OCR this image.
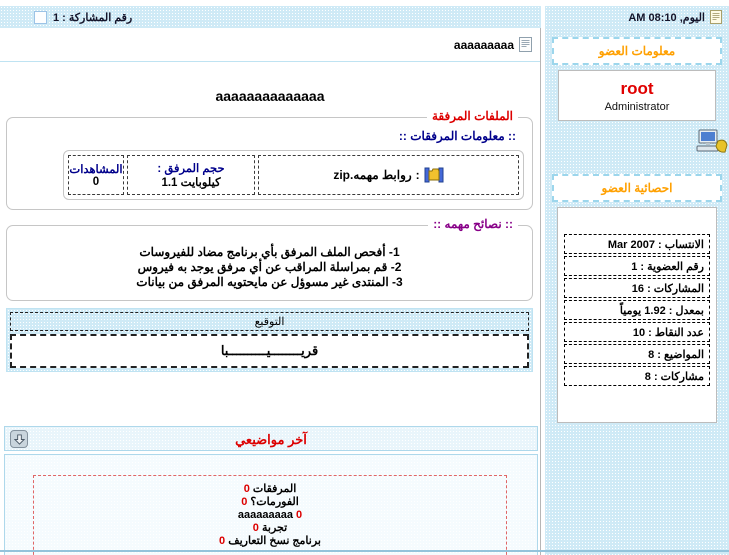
اليوم, AM 08:10
رقم المشاركة : 1
معلومات العضو
root
Administrator
احصائية العضو
الانتساب : Mar 2007
رقم العضوية : 1
المشاركات : 16
بمعدل : 1.92 يومياً
عدد النقاط : 10
المواضيع : 8
مشاركات : 8
aaaaaaaaa
aaaaaaaaaaaaaa
الملفات المرفقة
:: معلومات المرفقات ::
:
روابط مهمه.zip
حجم المرفق :
كيلوبايت 1.1
المشاهدات
0
:: نصائح مهمه ::
1- أفحص الملف المرفق بأي برنامج مضاد للفيروسات
2- قم بمراسلة المراقب عن أي مرفق يوجد به فيروس
3- المنتدى غير مسوؤل عن مايحتويه المرفق من بيانات
التوقيع
قريــــــــيــــــــــبا
آخر مواضيعي
المرفقات 0
الفورمات؟ 0
aaaaaaaaa 0
تجربة 0
برنامج نسخ التعاريف 0
